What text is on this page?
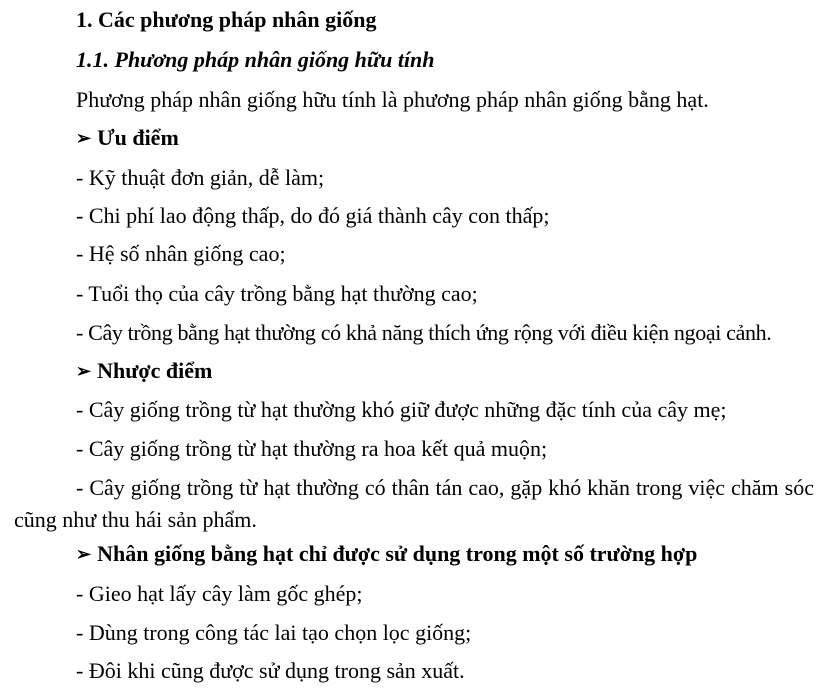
1. Các phương pháp nhân giống
1.1. Phương pháp nhân giống hữu tính
Phương pháp nhân giống hữu tính là phương pháp nhân giống bằng hạt.
➢ Ưu điểm
- Kỹ thuật đơn giản, dễ làm;
- Chi phí lao động thấp, do đó giá thành cây con thấp;
- Hệ số nhân giống cao;
- Tuổi thọ của cây trồng bằng hạt thường cao;
- Cây trồng bằng hạt thường có khả năng thích ứng rộng với điều kiện ngoại cảnh.
➢ Nhược điểm
- Cây giống trồng từ hạt thường khó giữ được những đặc tính của cây mẹ;
- Cây giống trồng từ hạt thường ra hoa kết quả muộn;
- Cây giống trồng từ hạt thường có thân tán cao, gặp khó khăn trong việc chăm sóc cũng như thu hái sản phẩm.
➢ Nhân giống bằng hạt chỉ được sử dụng trong một số trường hợp
- Gieo hạt lấy cây làm gốc ghép;
- Dùng trong công tác lai tạo chọn lọc giống;
- Đôi khi cũng được sử dụng trong sản xuất.
